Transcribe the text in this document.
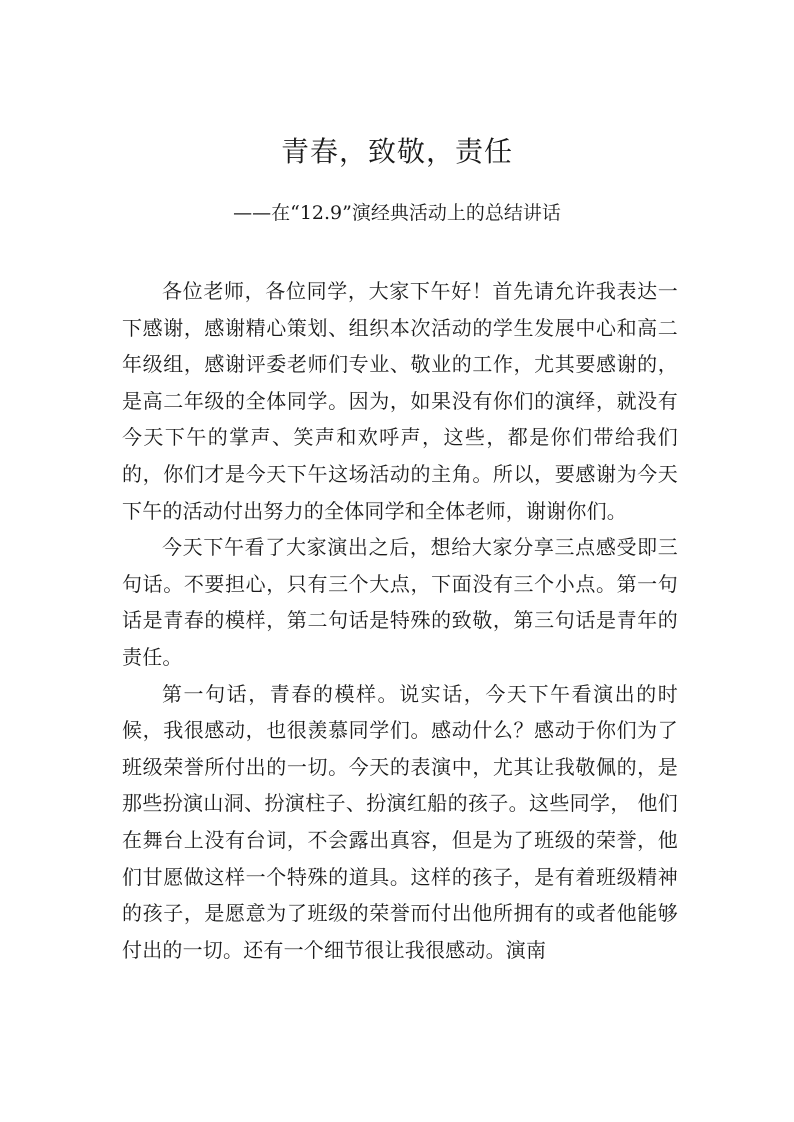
青春，致敬，责任
——在“12.9”演经典活动上的总结讲话

各位老师，各位同学，大家下午好！首先请允许我表达一下感谢，感谢精心策划、组织本次活动的学生发展中心和高二年级组，感谢评委老师们专业、敬业的工作，尤其要感谢的，是高二年级的全体同学。因为，如果没有你们的演绎，就没有今天下午的掌声、笑声和欢呼声，这些，都是你们带给我们的，你们才是今天下午这场活动的主角。所以，要感谢为今天下午的活动付出努力的全体同学和全体老师，谢谢你们。

今天下午看了大家演出之后，想给大家分享三点感受即三句话。不要担心，只有三个大点，下面没有三个小点。第一句话是青春的模样，第二句话是特殊的致敬，第三句话是青年的责任。

第一句话，青春的模样。说实话，今天下午看演出的时候，我很感动，也很羡慕同学们。感动什么？感动于你们为了班级荣誉所付出的一切。今天的表演中，尤其让我敬佩的，是那些扮演山洞、扮演柱子、扮演红船的孩子。这些同学， 他们在舞台上没有台词，不会露出真容，但是为了班级的荣誉，他们甘愿做这样一个特殊的道具。这样的孩子，是有着班级精神的孩子，是愿意为了班级的荣誉而付出他所拥有的或者他能够付出的一切。还有一个细节很让我很感动。演南
